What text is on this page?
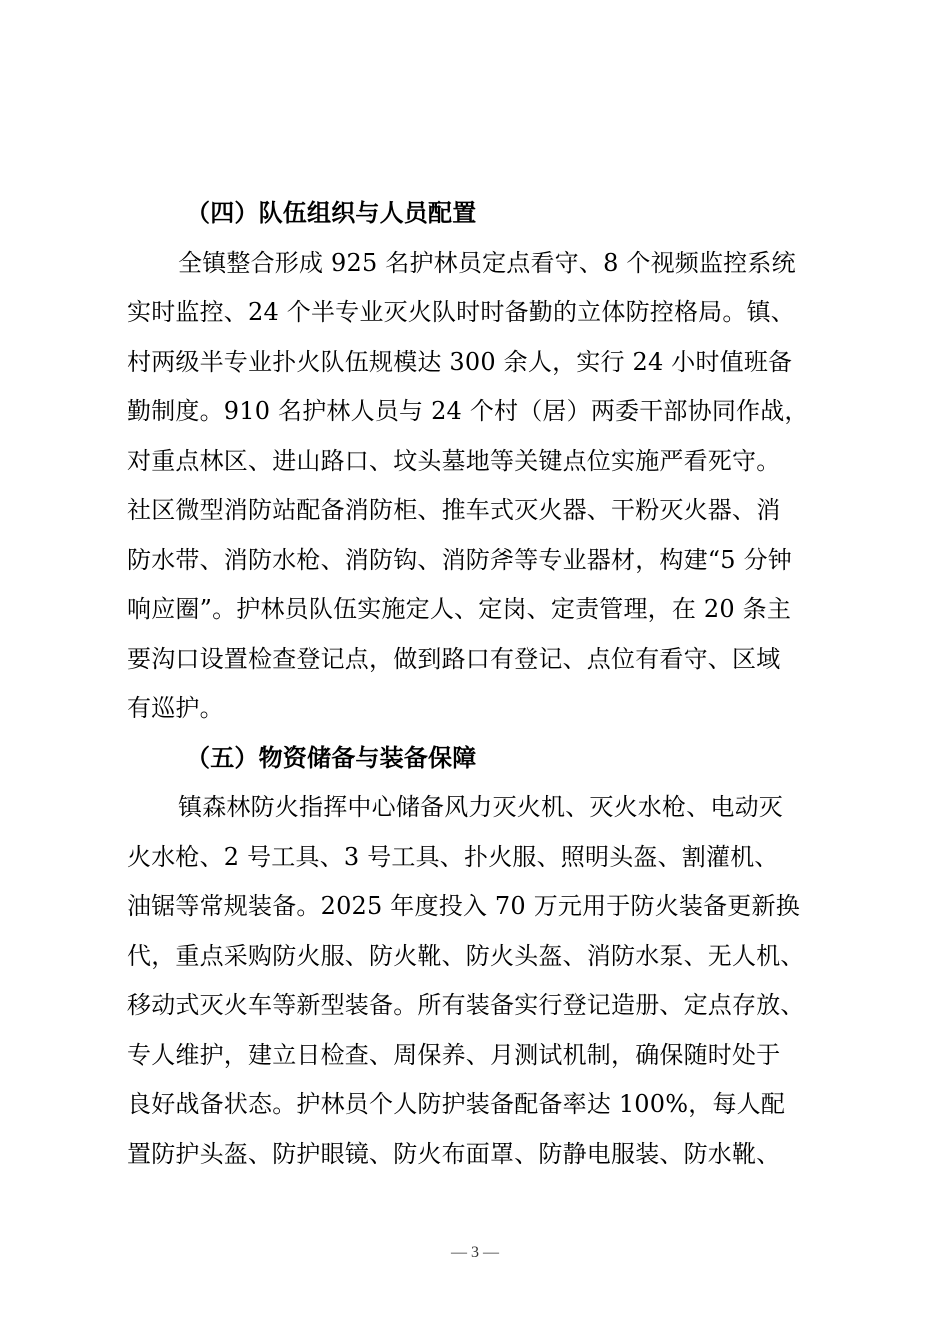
（四）队伍组织与人员配置
全镇整合形成 925 名护林员定点看守、8 个视频监控系统
实时监控、24 个半专业灭火队时时备勤的立体防控格局。镇、
村两级半专业扑火队伍规模达 300 余人，实行 24 小时值班备
勤制度。910 名护林人员与 24 个村（居）两委干部协同作战，
对重点林区、进山路口、坟头墓地等关键点位实施严看死守。
社区微型消防站配备消防柜、推车式灭火器、干粉灭火器、消
防水带、消防水枪、消防钩、消防斧等专业器材，构建“5 分钟
响应圈”。护林员队伍实施定人、定岗、定责管理，在 20 条主
要沟口设置检查登记点，做到路口有登记、点位有看守、区域
有巡护。
（五）物资储备与装备保障
镇森林防火指挥中心储备风力灭火机、灭火水枪、电动灭
火水枪、2 号工具、3 号工具、扑火服、照明头盔、割灌机、
油锯等常规装备。2025 年度投入 70 万元用于防火装备更新换
代，重点采购防火服、防火靴、防火头盔、消防水泵、无人机、
移动式灭火车等新型装备。所有装备实行登记造册、定点存放、
专人维护，建立日检查、周保养、月测试机制，确保随时处于
良好战备状态。护林员个人防护装备配备率达 100%，每人配
置防护头盔、防护眼镜、防火布面罩、防静电服装、防水靴、
— 3 —
